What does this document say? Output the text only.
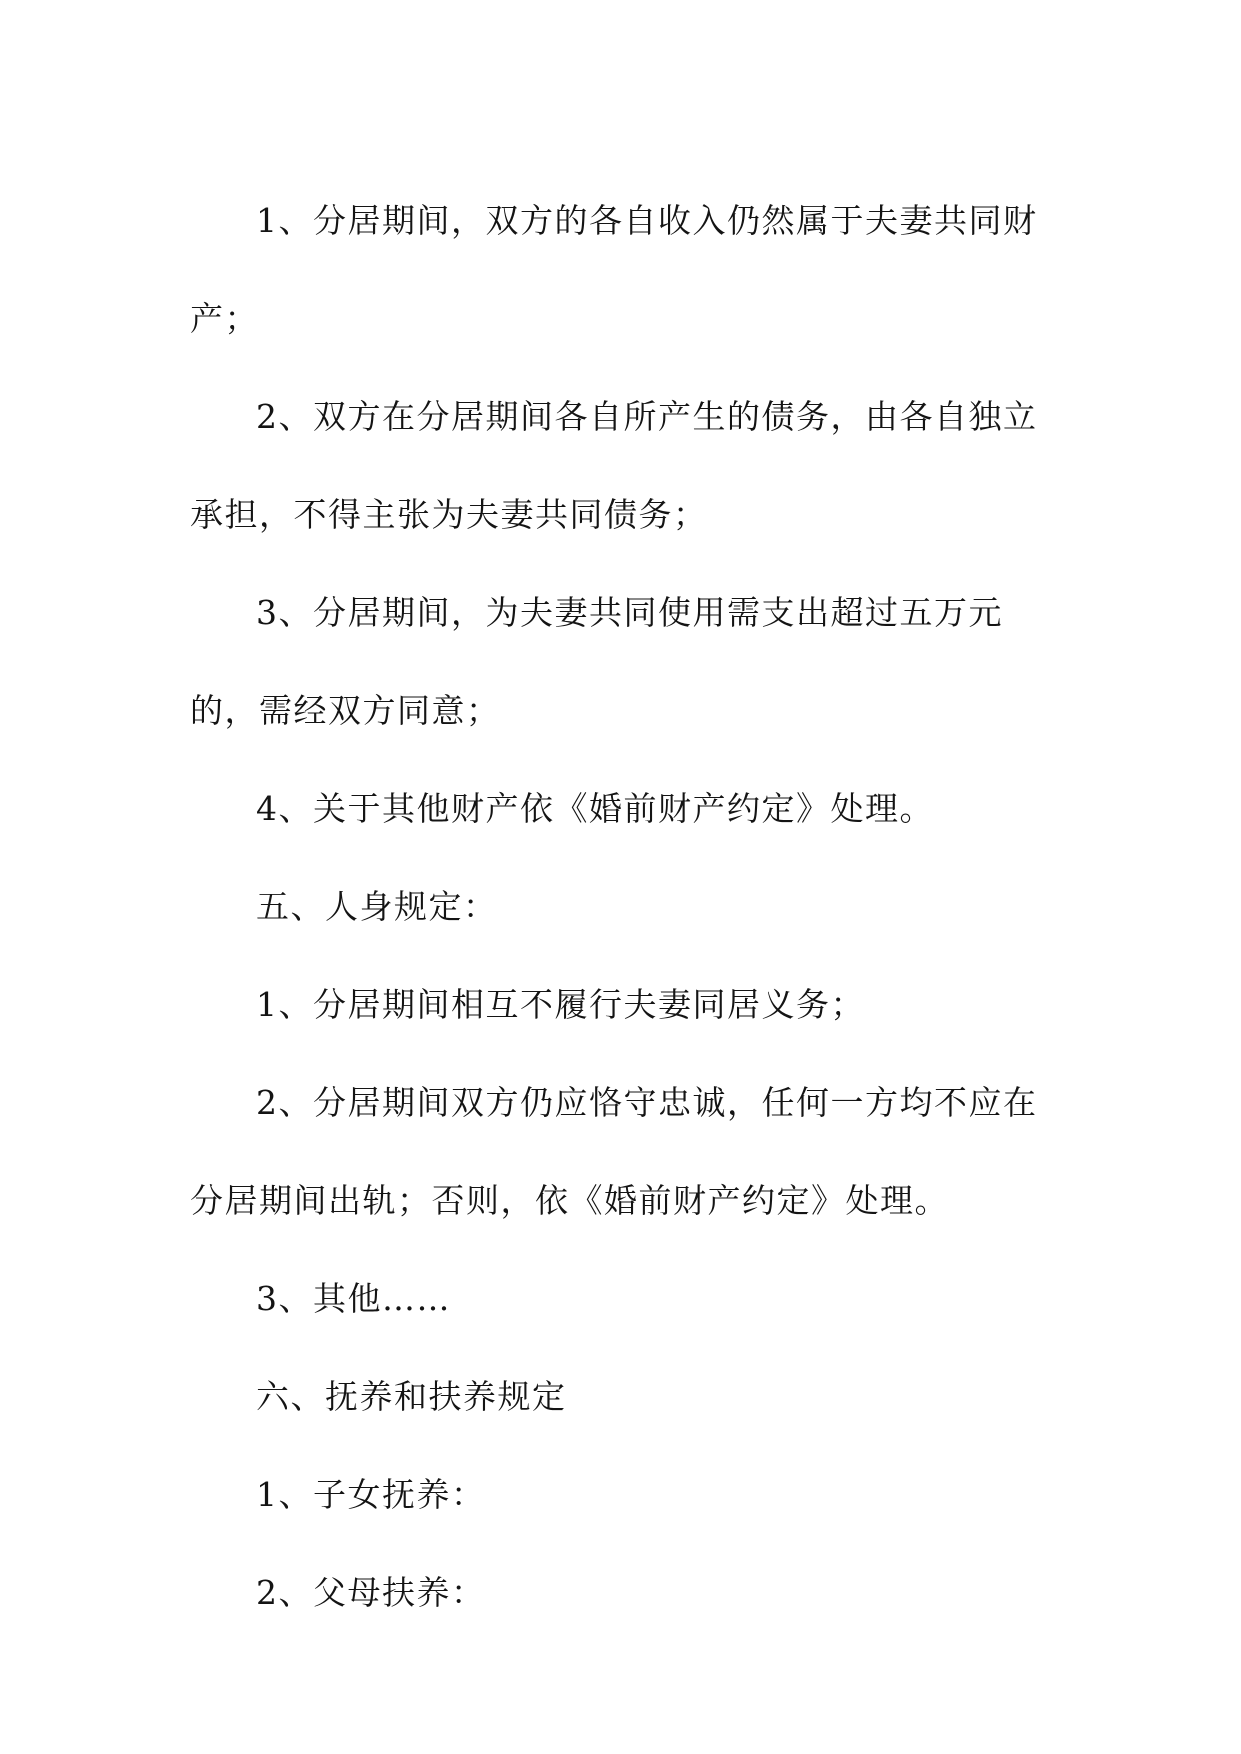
1、分居期间，双方的各自收入仍然属于夫妻共同财产；

2、双方在分居期间各自所产生的债务，由各自独立承担，不得主张为夫妻共同债务；

3、分居期间，为夫妻共同使用需支出超过五万元的，需经双方同意；

4、关于其他财产依《婚前财产约定》处理。

五、人身规定：

1、分居期间相互不履行夫妻同居义务；

2、分居期间双方仍应恪守忠诚，任何一方均不应在分居期间出轨；否则，依《婚前财产约定》处理。

3、其他……

六、抚养和扶养规定

1、子女抚养：

2、父母扶养：
